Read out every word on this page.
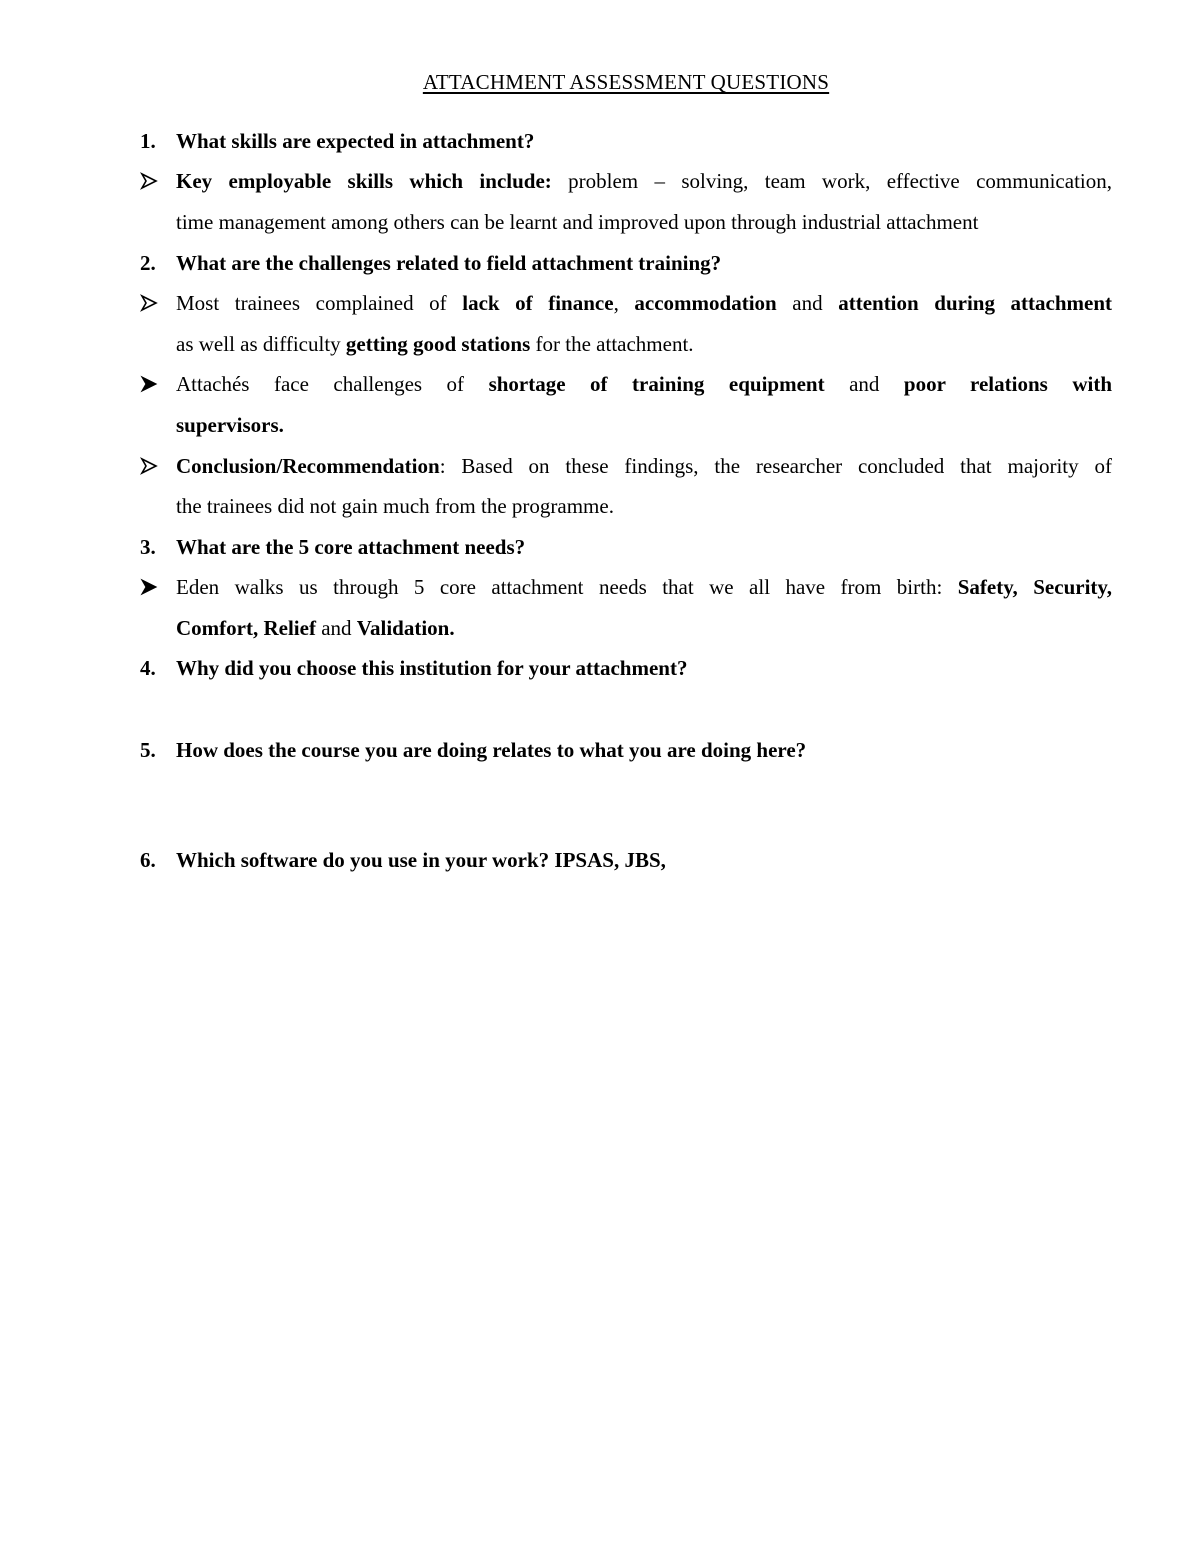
ATTACHMENT ASSESSMENT QUESTIONS
1. What skills are expected in attachment?
Key employable skills which include: problem – solving, team work, effective communication,
time management among others can be learnt and improved upon through industrial attachment
2. What are the challenges related to field attachment training?
Most trainees complained of lack of finance, accommodation and attention during attachment
as well as difficulty getting good stations for the attachment.
Attachés face challenges of shortage of training equipment and poor relations with
supervisors.
Conclusion/Recommendation: Based on these findings, the researcher concluded that majority of
the trainees did not gain much from the programme.
3. What are the 5 core attachment needs?
Eden walks us through 5 core attachment needs that we all have from birth: Safety, Security,
Comfort, Relief and Validation.
4. Why did you choose this institution for your attachment?
5. How does the course you are doing relates to what you are doing here?
6. Which software do you use in your work? IPSAS, JBS,
